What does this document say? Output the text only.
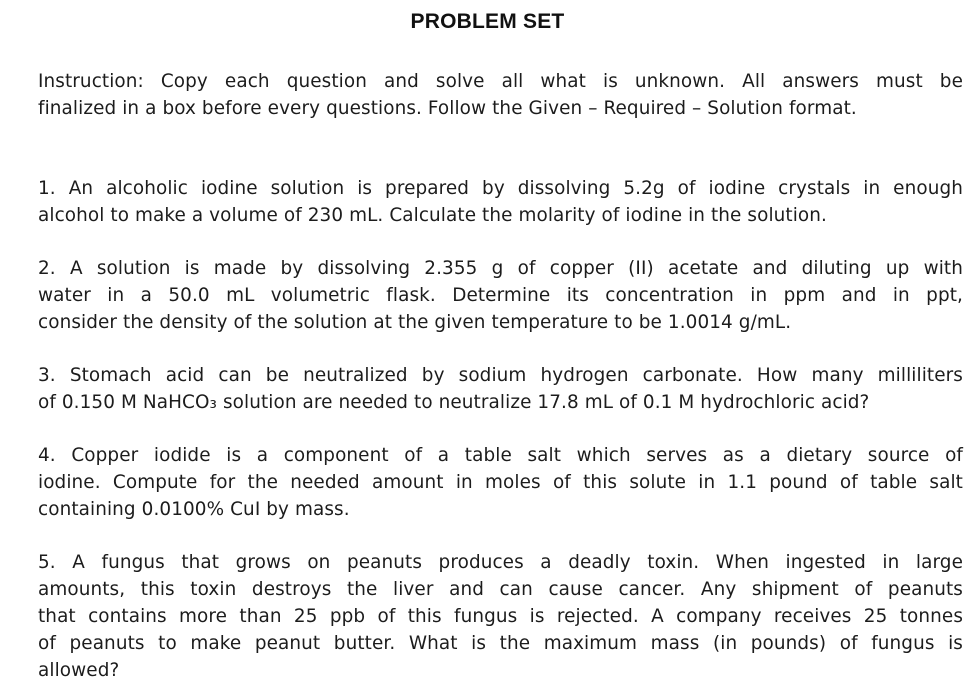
PROBLEM SET
Instruction: Copy each question and solve all what is unknown. All answers must be
finalized in a box before every questions. Follow the Given – Required – Solution format.
1. An alcoholic iodine solution is prepared by dissolving 5.2g of iodine crystals in enough
alcohol to make a volume of 230 mL. Calculate the molarity of iodine in the solution.
2. A solution is made by dissolving 2.355 g of copper (II) acetate and diluting up with
water in a 50.0 mL volumetric flask. Determine its concentration in ppm and in ppt,
consider the density of the solution at the given temperature to be 1.0014 g/mL.
3. Stomach acid can be neutralized by sodium hydrogen carbonate. How many milliliters
of 0.150 M NaHCO₃ solution are needed to neutralize 17.8 mL of 0.1 M hydrochloric acid?
4. Copper iodide is a component of a table salt which serves as a dietary source of
iodine. Compute for the needed amount in moles of this solute in 1.1 pound of table salt
containing 0.0100% CuI by mass.
5. A fungus that grows on peanuts produces a deadly toxin. When ingested in large
amounts, this toxin destroys the liver and can cause cancer. Any shipment of peanuts
that contains more than 25 ppb of this fungus is rejected. A company receives 25 tonnes
of peanuts to make peanut butter. What is the maximum mass (in pounds) of fungus is
allowed?
